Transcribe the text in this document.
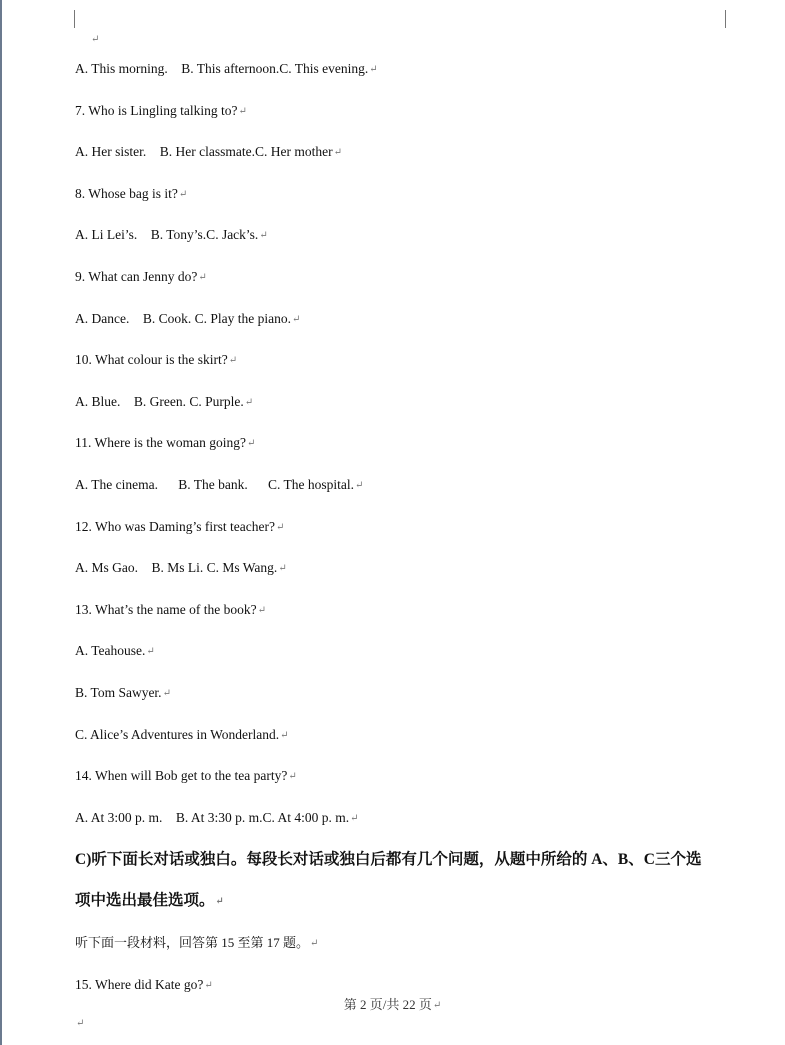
↵
A. This morning.    B. This afternoon.C. This evening.↵
7. Who is Lingling talking to?↵
A. Her sister.    B. Her classmate.C. Her mother↵
8. Whose bag is it?↵
A. Li Lei’s.    B. Tony’s.C. Jack’s.↵
9. What can Jenny do?↵
A. Dance.    B. Cook. C. Play the piano.↵
10. What colour is the skirt?↵
A. Blue.    B. Green. C. Purple.↵
11. Where is the woman going?↵
A. The cinema.      B. The bank.      C. The hospital.↵
12. Who was Daming’s first teacher?↵
A. Ms Gao.    B. Ms Li. C. Ms Wang.↵
13. What’s the name of the book?↵
A. Teahouse.↵
B. Tom Sawyer.↵
C. Alice’s Adventures in Wonderland.↵
14. When will Bob get to the tea party?↵
A. At 3:00 p. m.    B. At 3:30 p. m.C. At 4:00 p. m.↵
C)听下面长对话或独白。每段长对话或独白后都有几个问题，从题中所给的 A、B、C三个选
项中选出最佳选项。↵
听下面一段材料，回答第 15 至第 17 题。↵
15. Where did Kate go?↵
第 2 页/共 22 页↵
↵
